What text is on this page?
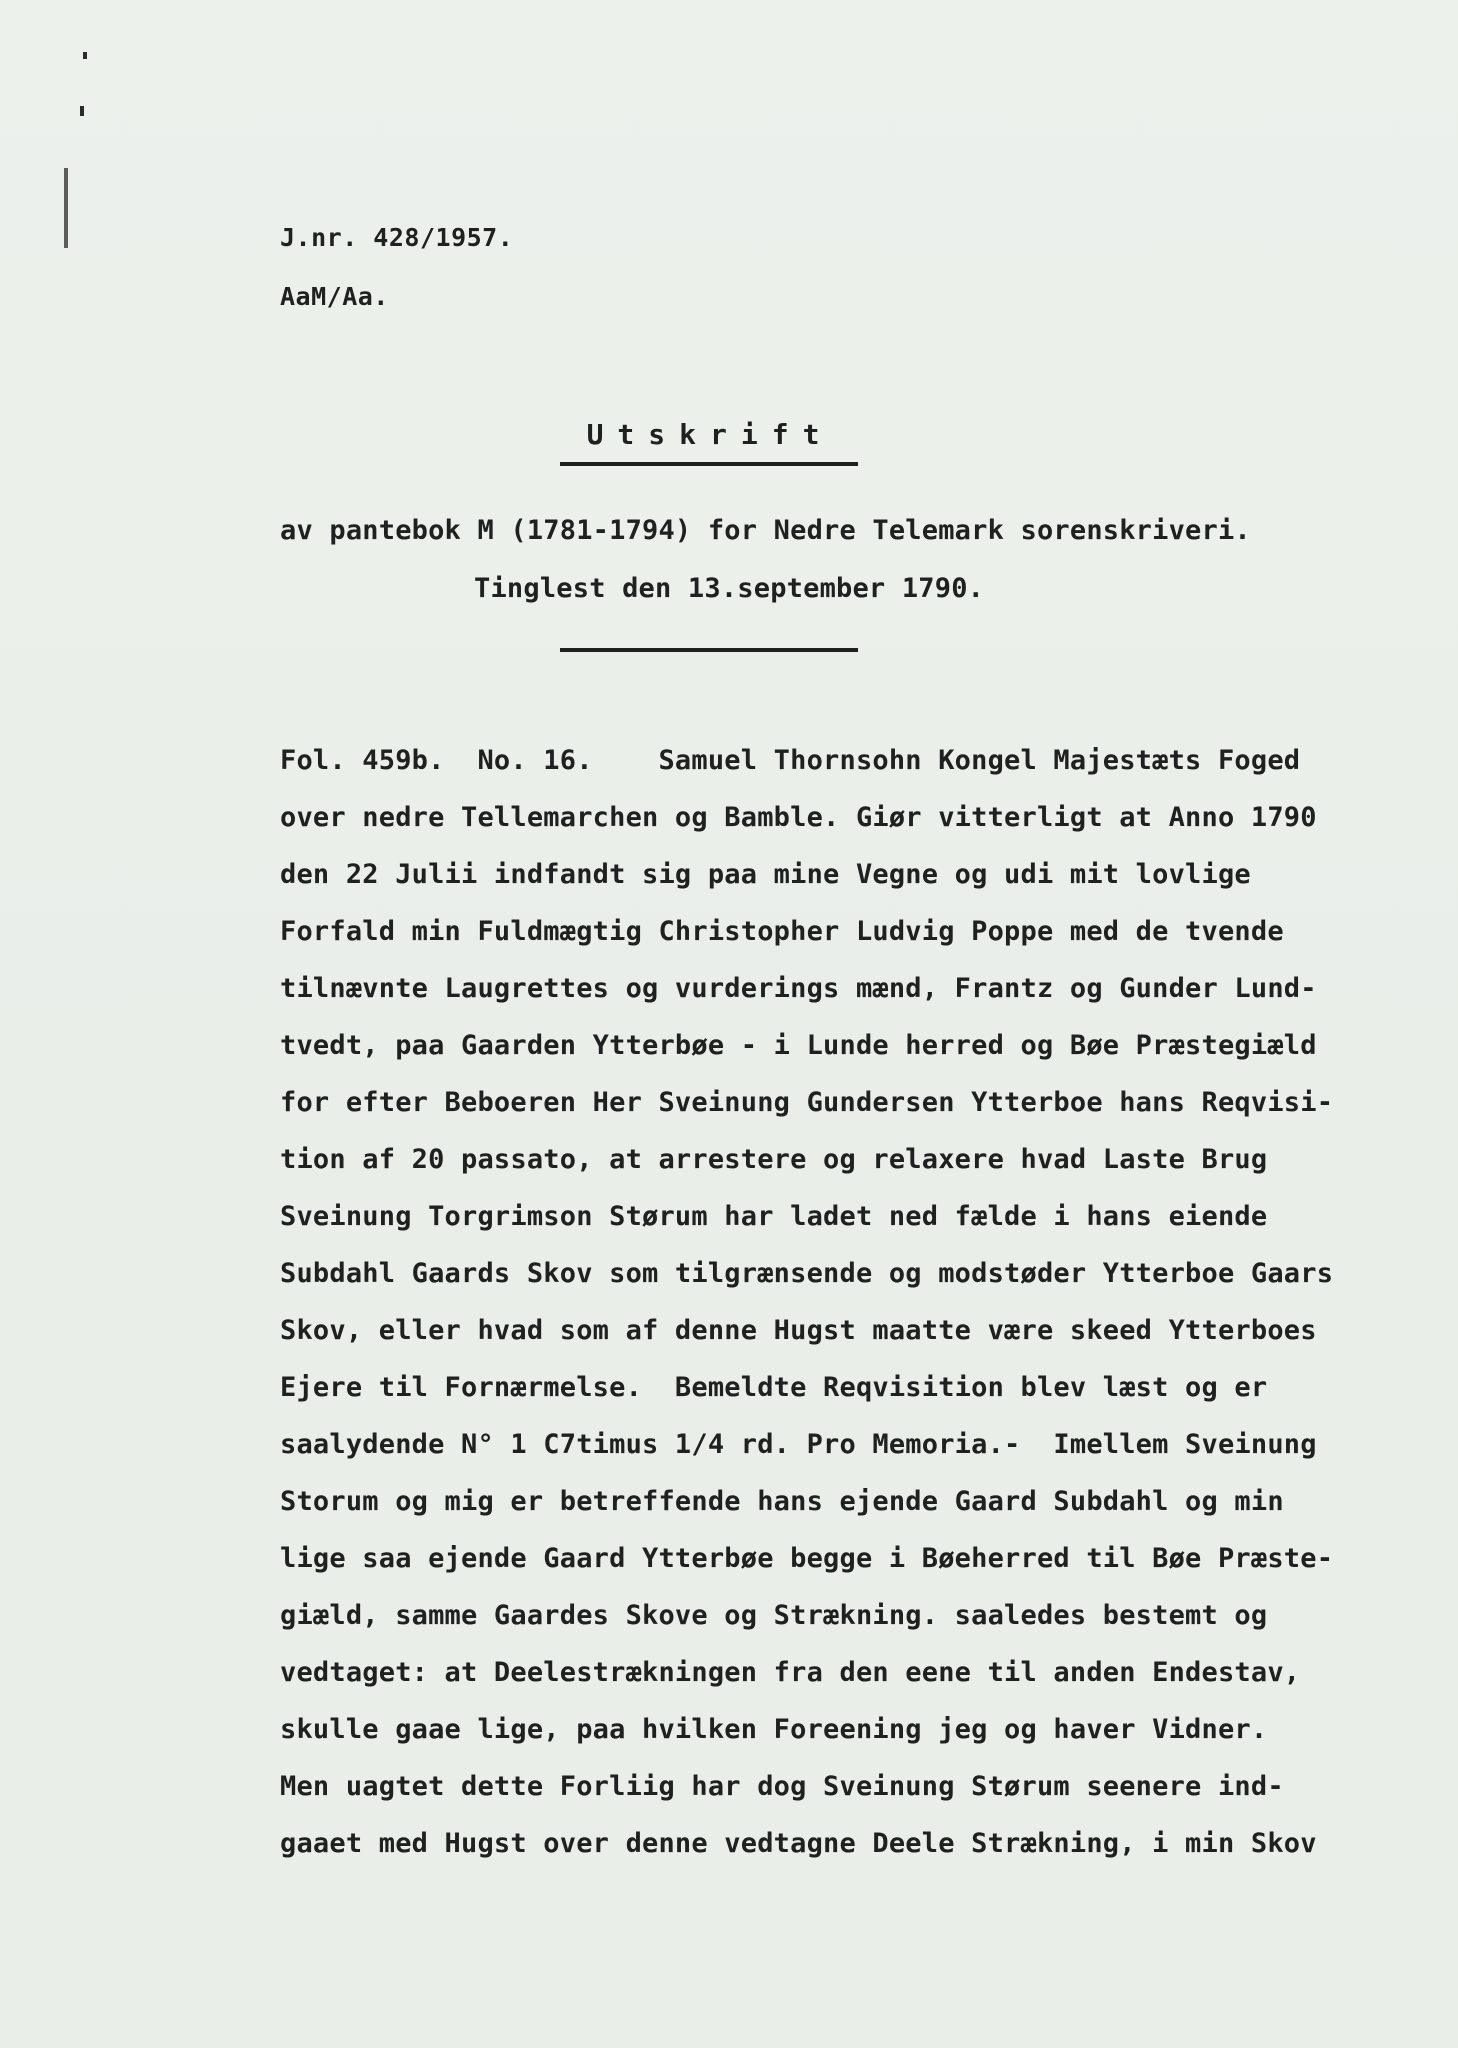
J.nr. 428/1957.
AaM/Aa.
Utskrift
av pantebok M (1781-1794) for Nedre Telemark sorenskriveri.
Tinglest den 13.september 1790.
Fol. 459b.  No. 16.    Samuel Thornsohn Kongel Majestæts Foged
over nedre Tellemarchen og Bamble. Giør vitterligt at Anno 1790
den 22 Julii indfandt sig paa mine Vegne og udi mit lovlige
Forfald min Fuldmægtig Christopher Ludvig Poppe med de tvende
tilnævnte Laugrettes og vurderings mænd, Frantz og Gunder Lund-
tvedt, paa Gaarden Ytterbøe - i Lunde herred og Bøe Præstegiæld
for efter Beboeren Her Sveinung Gundersen Ytterboe hans Reqvisi-
tion af 20 passato, at arrestere og relaxere hvad Laste Brug
Sveinung Torgrimson Størum har ladet ned fælde i hans eiende
Subdahl Gaards Skov som tilgrænsende og modstøder Ytterboe Gaars
Skov, eller hvad som af denne Hugst maatte være skeed Ytterboes
Ejere til Fornærmelse.  Bemeldte Reqvisition blev læst og er
saalydende N° 1 C7timus 1/4 rd. Pro Memoria.-  Imellem Sveinung
Storum og mig er betreffende hans ejende Gaard Subdahl og min
lige saa ejende Gaard Ytterbøe begge i Bøeherred til Bøe Præste-
giæld, samme Gaardes Skove og Strækning. saaledes bestemt og
vedtaget: at Deelestrækningen fra den eene til anden Endestav,
skulle gaae lige, paa hvilken Foreening jeg og haver Vidner.
Men uagtet dette Forliig har dog Sveinung Størum seenere ind-
gaaet med Hugst over denne vedtagne Deele Strækning, i min Skov
